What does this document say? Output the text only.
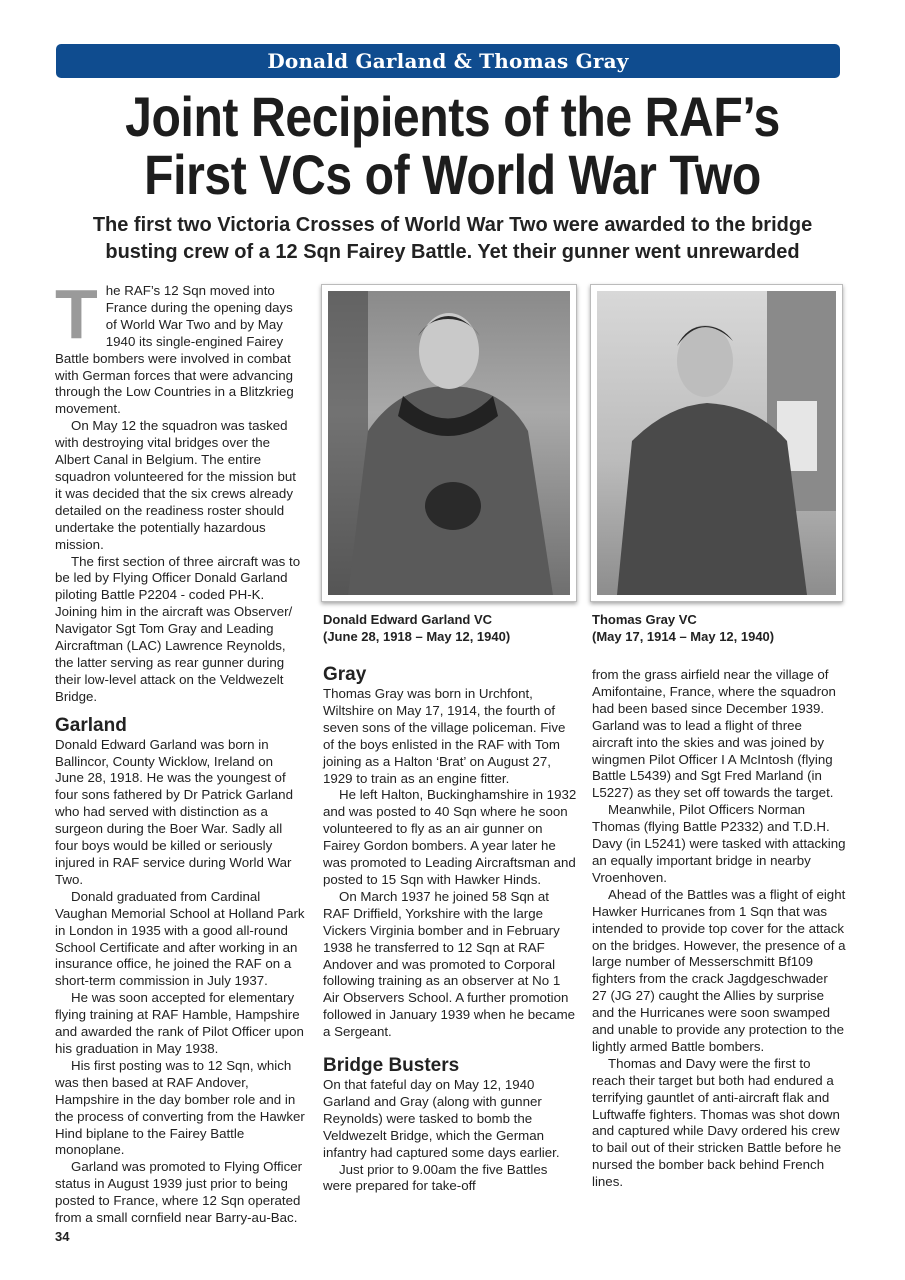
Donald Garland & Thomas Gray
Joint Recipients of the RAF’s
First VCs of World War Two
The first two Victoria Crosses of World War Two were awarded to the bridge
busting crew of a 12 Sqn Fairey Battle. Yet their gunner went unrewarded

The RAF’s 12 Sqn moved into France during the opening days of World War Two and by May 1940 its single-engined Fairey Battle bombers were involved in combat with German forces that were advancing through the Low Countries in a Blitzkrieg movement.

On May 12 the squadron was tasked with destroying vital bridges over the Albert Canal in Belgium. The entire squadron volunteered for the mission but it was decided that the six crews already detailed on the readiness roster should undertake the potentially hazardous mission.

The first section of three aircraft was to be led by Flying Officer Donald Garland piloting Battle P2204 - coded PH-K. Joining him in the aircraft was Observer/ Navigator Sgt Tom Gray and Leading Aircraftman (LAC) Lawrence Reynolds, the latter serving as rear gunner during their low-level attack on the Veldwezelt Bridge.

Garland

Donald Edward Garland was born in Ballincor, County Wicklow, Ireland on June 28, 1918. He was the youngest of four sons fathered by Dr Patrick Garland who had served with distinction as a surgeon during the Boer War. Sadly all four boys would be killed or seriously injured in RAF service during World War Two.

Donald graduated from Cardinal Vaughan Memorial School at Holland Park in London in 1935 with a good all-round School Certificate and after working in an insurance office, he joined the RAF on a short-term commission in July 1937.

He was soon accepted for elementary flying training at RAF Hamble, Hampshire and awarded the rank of Pilot Officer upon his graduation in May 1938.

His first posting was to 12 Sqn, which was then based at RAF Andover, Hampshire in the day bomber role and in the process of converting from the Hawker Hind biplane to the Fairey Battle monoplane.

Garland was promoted to Flying Officer status in August 1939 just prior to being posted to France, where 12 Sqn operated from a small cornfield near Barry-au-Bac.

Donald Edward Garland VC
(June 28, 1918 – May 12, 1940)
Thomas Gray VC
(May 17, 1914 – May 12, 1940)
Gray

Thomas Gray was born in Urchfont, Wiltshire on May 17, 1914, the fourth of seven sons of the village policeman. Five of the boys enlisted in the RAF with Tom joining as a Halton ‘Brat’ on August 27, 1929 to train as an engine fitter.

He left Halton, Buckinghamshire in 1932 and was posted to 40 Sqn where he soon volunteered to fly as an air gunner on Fairey Gordon bombers. A year later he was promoted to Leading Aircraftsman and posted to 15 Sqn with Hawker Hinds.

On March 1937 he joined 58 Sqn at RAF Driffield, Yorkshire with the large Vickers Virginia bomber and in February 1938 he transferred to 12 Sqn at RAF Andover and was promoted to Corporal following training as an observer at No 1 Air Observers School. A further promotion followed in January 1939 when he became a Sergeant.

Bridge Busters

On that fateful day on May 12, 1940 Garland and Gray (along with gunner Reynolds) were tasked to bomb the Veldwezelt Bridge, which the German infantry had captured some days earlier.

Just prior to 9.00am the five Battles were prepared for take-off

from the grass airfield near the village of Amifontaine, France, where the squadron had been based since December 1939. Garland was to lead a flight of three aircraft into the skies and was joined by wingmen Pilot Officer I A McIntosh (flying Battle L5439) and Sgt Fred Marland (in L5227) as they set off towards the target.

Meanwhile, Pilot Officers Norman Thomas (flying Battle P2332) and T.D.H. Davy (in L5241) were tasked with attacking an equally important bridge in nearby Vroenhoven.

Ahead of the Battles was a flight of eight Hawker Hurricanes from 1 Sqn that was intended to provide top cover for the attack on the bridges. However, the presence of a large number of Messerschmitt Bf109 fighters from the crack Jagdgeschwader 27 (JG 27) caught the Allies by surprise and the Hurricanes were soon swamped and unable to provide any protection to the lightly armed Battle bombers.

Thomas and Davy were the first to reach their target but both had endured a terrifying gauntlet of anti-aircraft flak and Luftwaffe fighters. Thomas was shot down and captured while Davy ordered his crew to bail out of their stricken Battle before he nursed the bomber back behind French lines.

34
